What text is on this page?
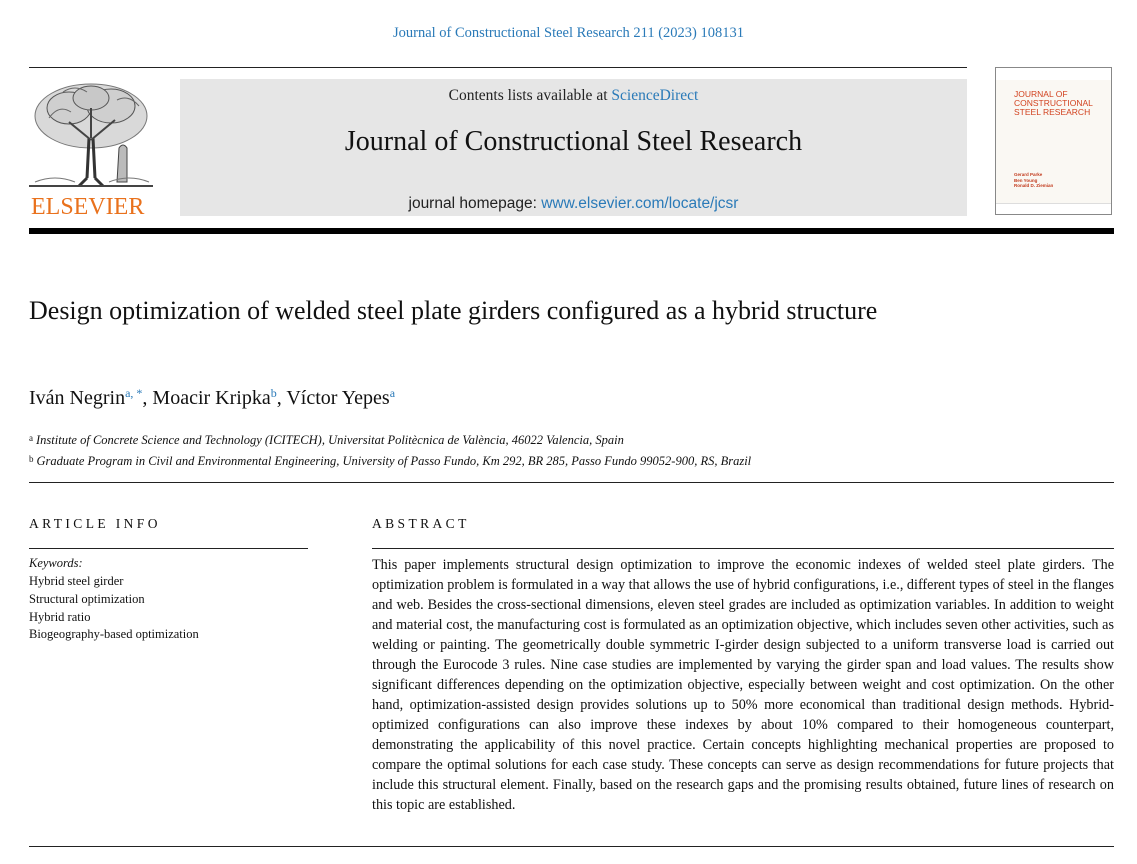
Journal of Constructional Steel Research 211 (2023) 108131
ELSEVIER
Contents lists available at ScienceDirect
Journal of Constructional Steel Research
journal homepage: www.elsevier.com/locate/jcsr
JOURNAL OF
CONSTRUCTIONAL
STEEL RESEARCH
Gerard Parke
Ben Young
Ronald D. Ziemian
Design optimization of welded steel plate girders configured as a hybrid structure
Iván Negrin$^{a, *}$, Moacir Kripka$^b$, Víctor Yepes$^a$
$^a$ Institute of Concrete Science and Technology (ICITECH), Universitat Politècnica de València, 46022 Valencia, Spain
$^b$ Graduate Program in Civil and Environmental Engineering, University of Passo Fundo, Km 292, BR 285, Passo Fundo 99052-900, RS, Brazil
ARTICLE INFO
Keywords:
Hybrid steel girder
Structural optimization
Hybrid ratio
Biogeography-based optimization
ABSTRACT
This paper implements structural design optimization to improve the economic indexes of welded steel plate girders. The optimization problem is formulated in a way that allows the use of hybrid configurations, i.e., different types of steel in the flanges and web. Besides the cross-sectional dimensions, eleven steel grades are included as optimization variables. In addition to weight and material cost, the manufacturing cost is formulated as an optimization objective, which includes seven other activities, such as welding or painting. The geometrically double symmetric I-girder design subjected to a uniform transverse load is carried out through the Eurocode 3 rules. Nine case studies are implemented by varying the girder span and load values. The results show significant differences depending on the optimization objective, especially between weight and cost optimization. On the other hand, optimization-assisted design provides solutions up to 50% more economical than traditional design methods. Hybrid-optimized configurations can also improve these indexes by about 10% compared to their homogeneous counterpart, demonstrating the applicability of this novel practice. Certain concepts highlighting mechanical properties are proposed to compare the optimal solutions for each case study. These concepts can serve as design recommendations for future projects that include this structural element. Finally, based on the research gaps and the promising results obtained, future lines of research on this topic are established.
